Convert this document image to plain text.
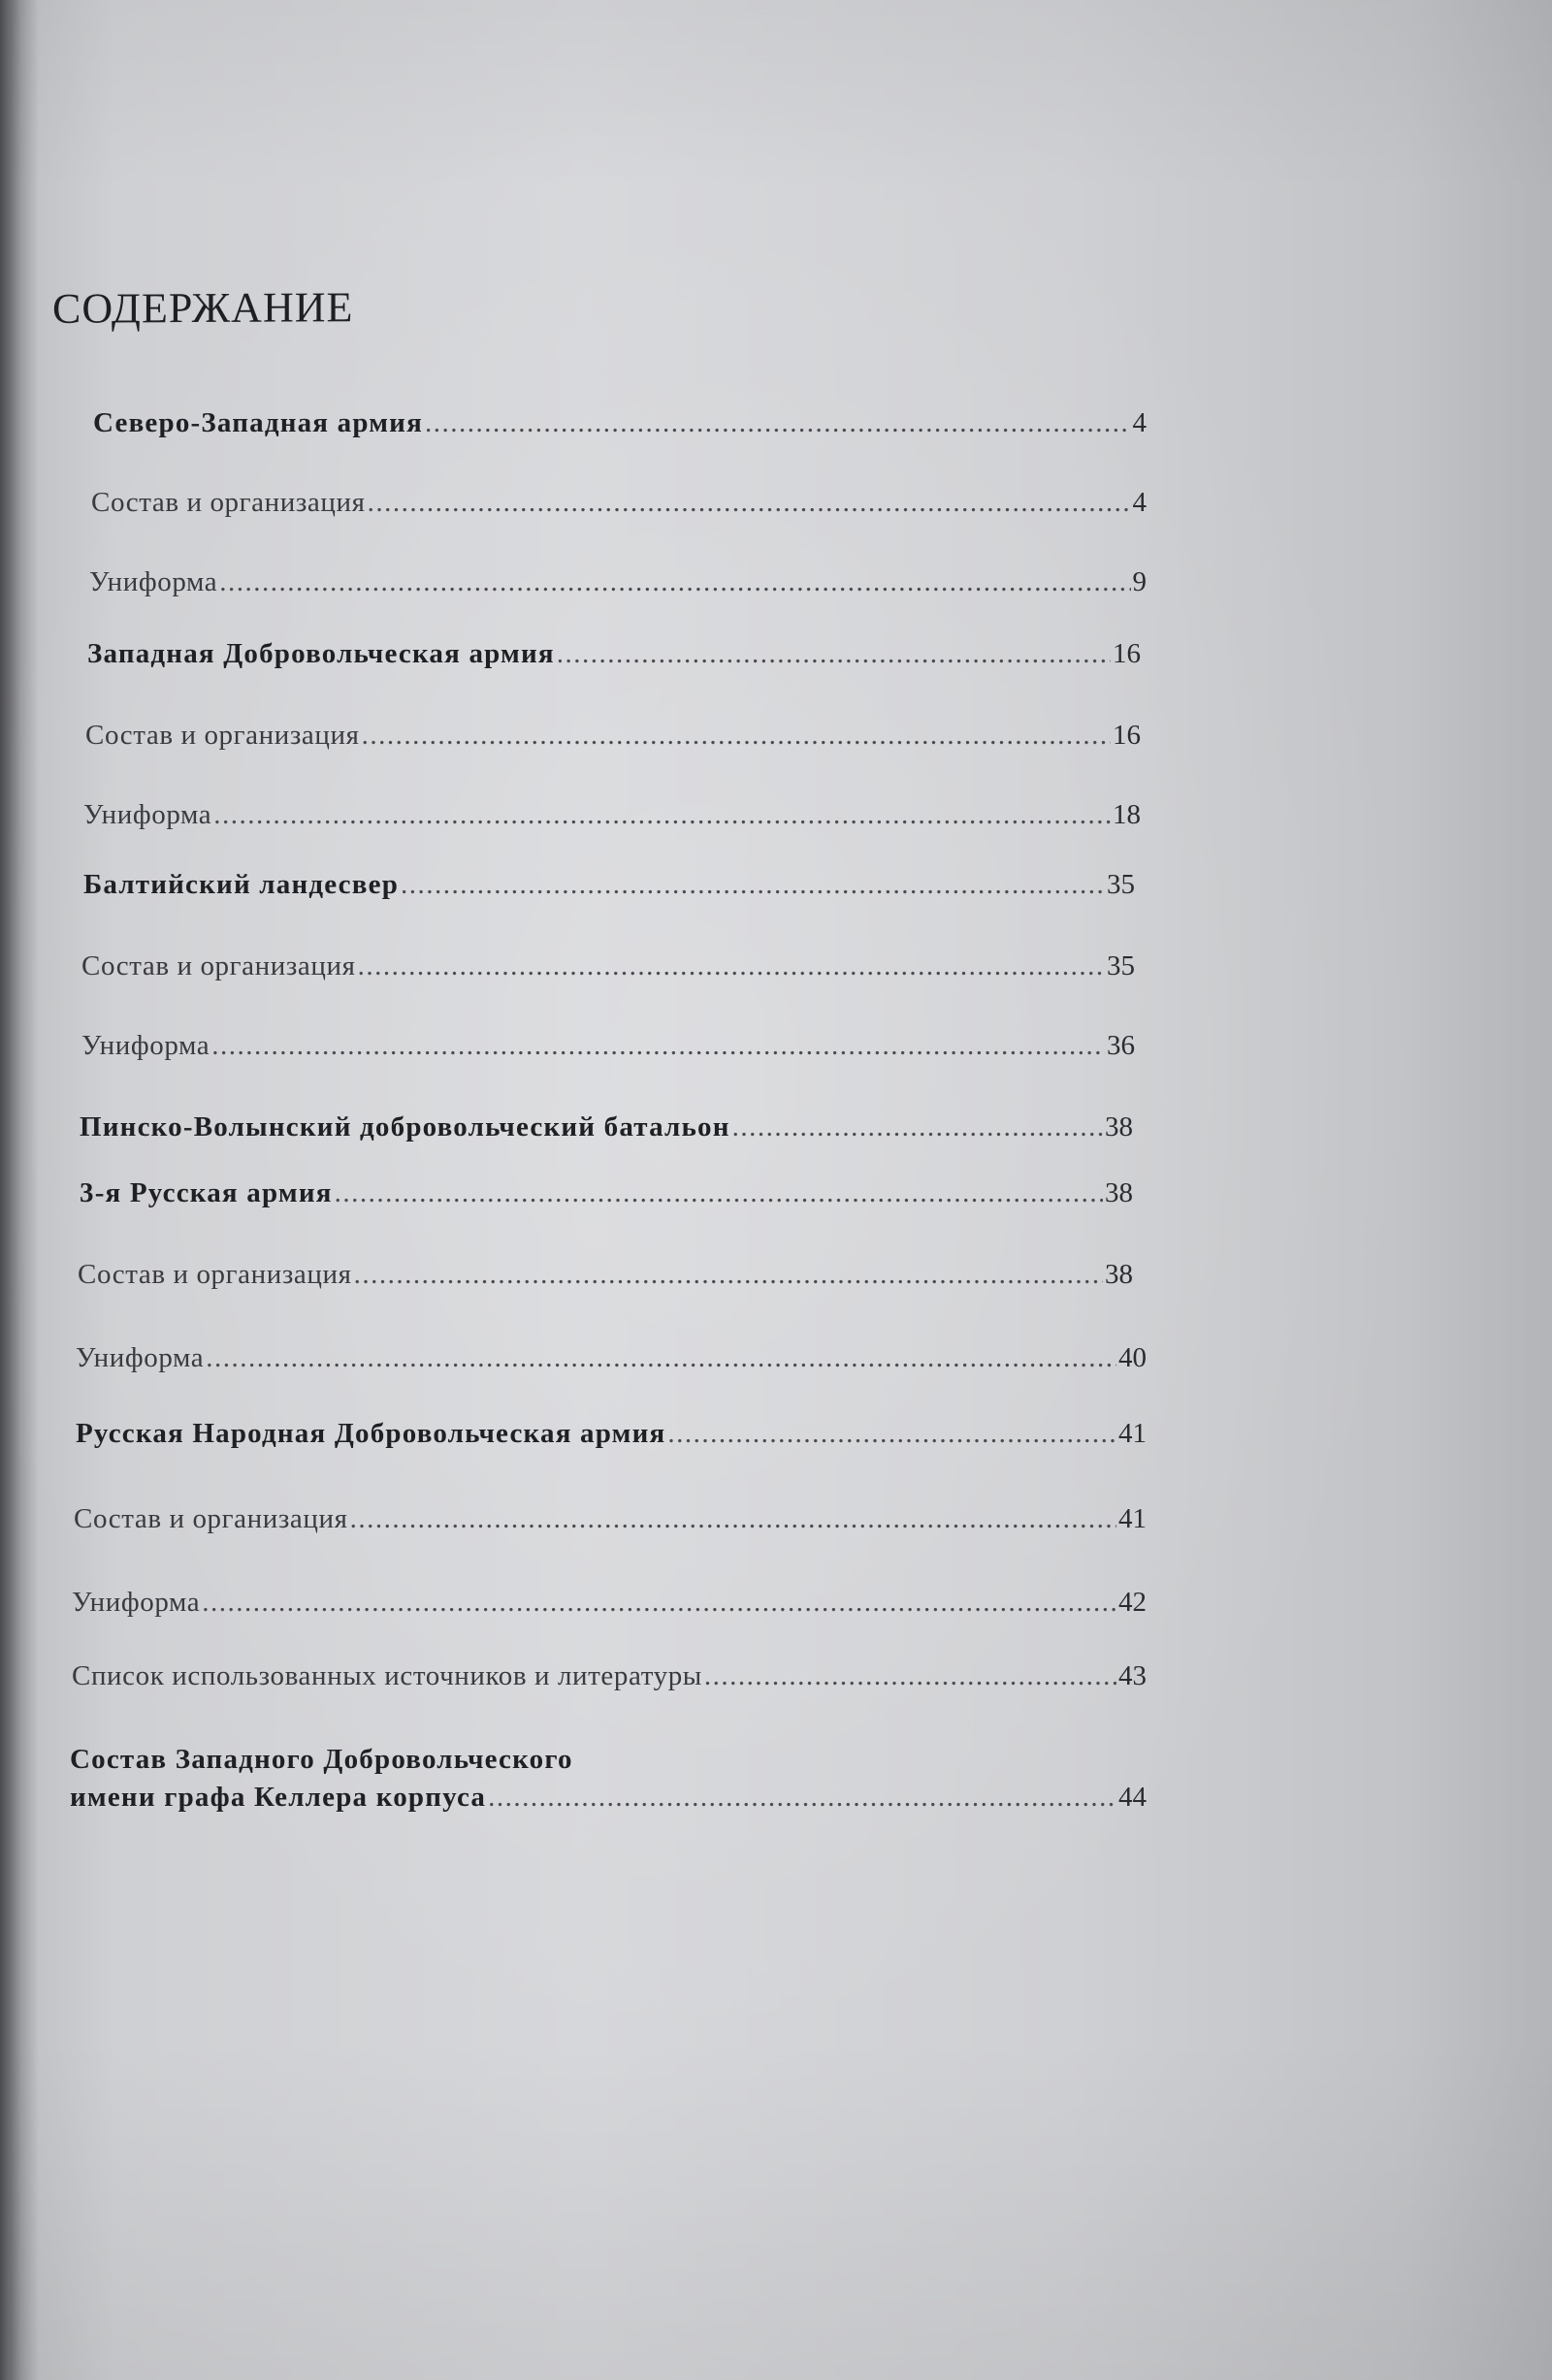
СОДЕРЖАНИЕ
Северо-Западная армия .....	4
Состав и организация .....	4
Униформа .....	9
Западная Добровольческая армия .....	16
Состав и организация .....	16
Униформа .....	18
Балтийский ландесвер .....	35
Состав и организация .....	35
Униформа .....	36
Пинско-Волынский добровольческий батальон .....	38
3-я Русская армия .....	38
Состав и организация .....	38
Униформа .....	40
Русская Народная Добровольческая армия .....	41
Состав и организация .....	41
Униформа .....	42
Список использованных источников и литературы .....	43
Состав Западного Добровольческого
имени графа Келлера корпуса .....	44
